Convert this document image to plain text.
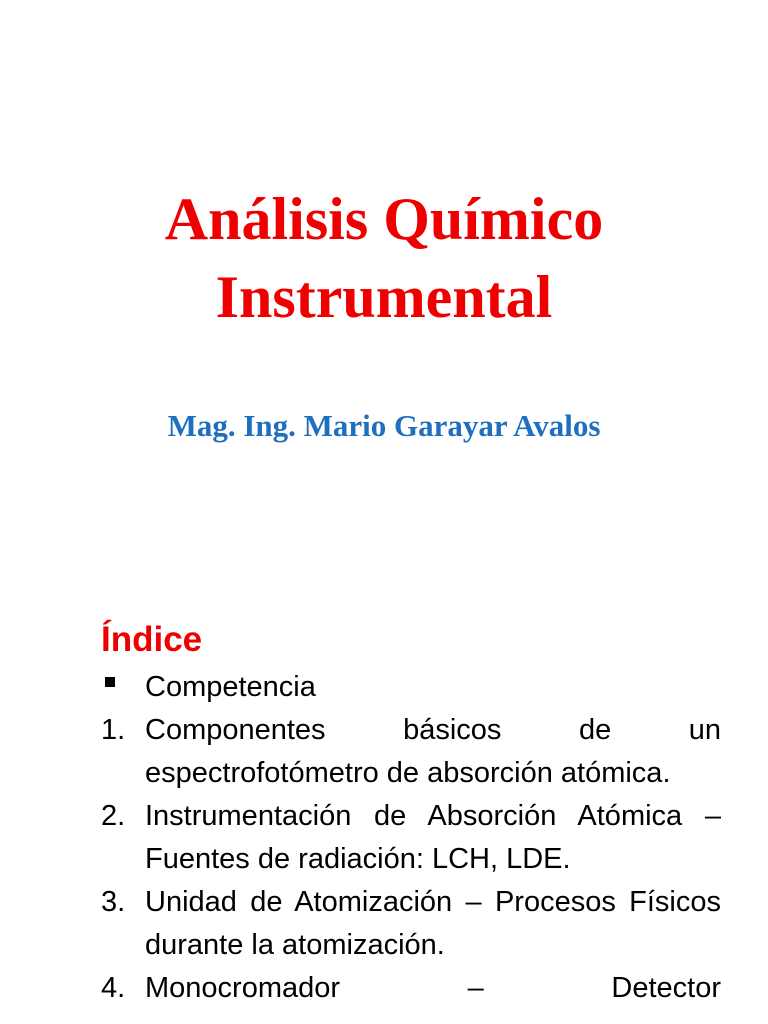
Análisis Químico
Instrumental
Mag. Ing. Mario Garayar Avalos
Índice
Competencia
1. Componentes básicos de un espectrofotómetro de absorción atómica.
2. Instrumentación de Absorción Atómica – Fuentes de radiación: LCH, LDE.
3. Unidad de Atomización – Procesos Físicos durante la atomización.
4. Monocromador – Detector
